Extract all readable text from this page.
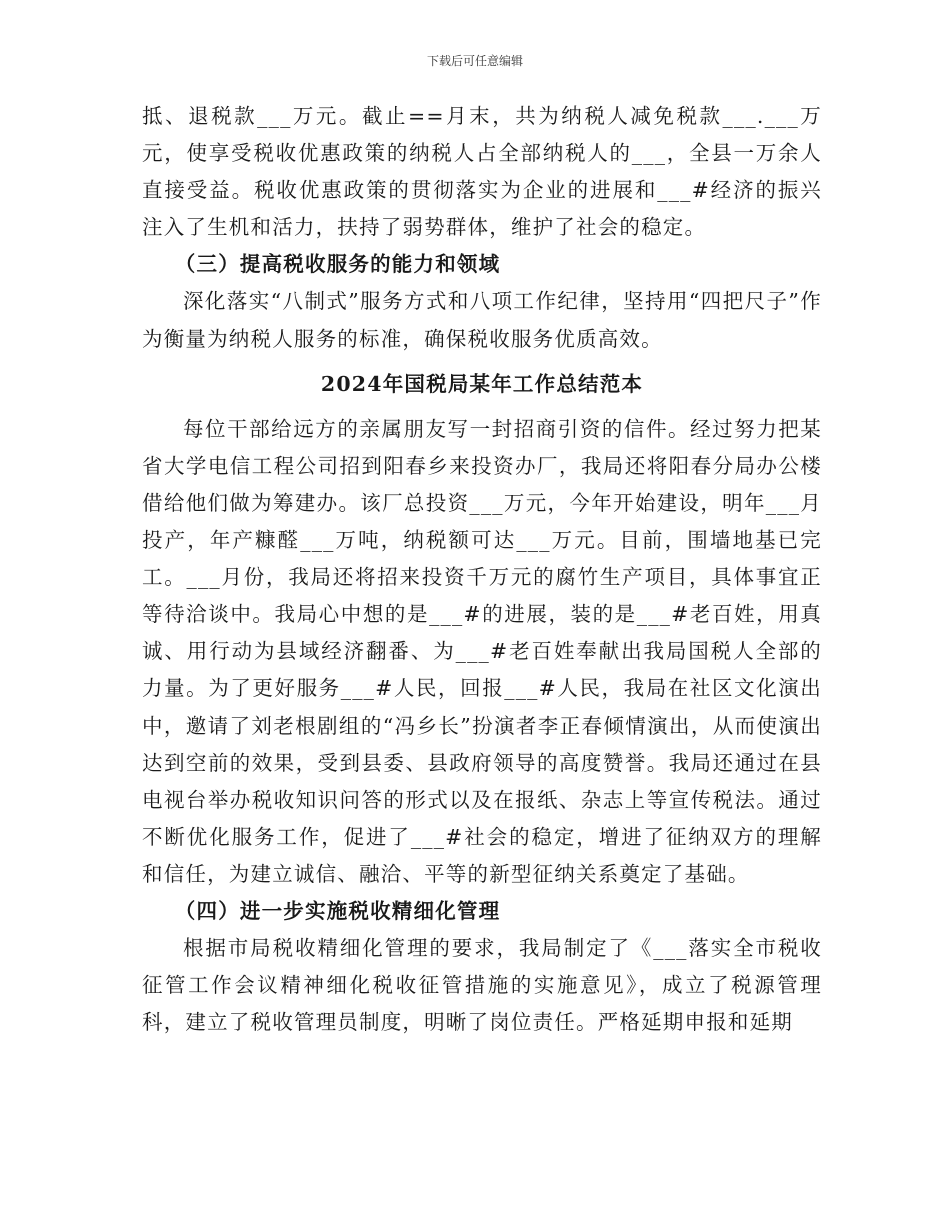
下载后可任意编辑

抵、退税款___万元。截止==月末，共为纳税人减免税款___.___万元，使享受税收优惠政策的纳税人占全部纳税人的___，全县一万余人直接受益。税收优惠政策的贯彻落实为企业的进展和___#经济的振兴注入了生机和活力，扶持了弱势群体，维护了社会的稳定。

（三）提高税收服务的能力和领域

深化落实“八制式”服务方式和八项工作纪律，坚持用“四把尺子”作为衡量为纳税人服务的标准，确保税收服务优质高效。

2024年国税局某年工作总结范本

每位干部给远方的亲属朋友写一封招商引资的信件。经过努力把某省大学电信工程公司招到阳春乡来投资办厂，我局还将阳春分局办公楼借给他们做为筹建办。该厂总投资___万元，今年开始建设，明年___月投产，年产糠醛___万吨，纳税额可达___万元。目前，围墙地基已完工。___月份，我局还将招来投资千万元的腐竹生产项目，具体事宜正等待洽谈中。我局心中想的是___#的进展，装的是___#老百姓，用真诚、用行动为县域经济翻番、为___#老百姓奉献出我局国税人全部的力量。为了更好服务___#人民，回报___#人民，我局在社区文化演出中，邀请了刘老根剧组的“冯乡长”扮演者李正春倾情演出，从而使演出达到空前的效果，受到县委、县政府领导的高度赞誉。我局还通过在县电视台举办税收知识问答的形式以及在报纸、杂志上等宣传税法。通过不断优化服务工作，促进了___#社会的稳定，增进了征纳双方的理解和信任，为建立诚信、融洽、平等的新型征纳关系奠定了基础。

（四）进一步实施税收精细化管理

根据市局税收精细化管理的要求，我局制定了《___落实全市税收征管工作会议精神细化税收征管措施的实施意见》，成立了税源管理科，建立了税收管理员制度，明晰了岗位责任。严格延期申报和延期
